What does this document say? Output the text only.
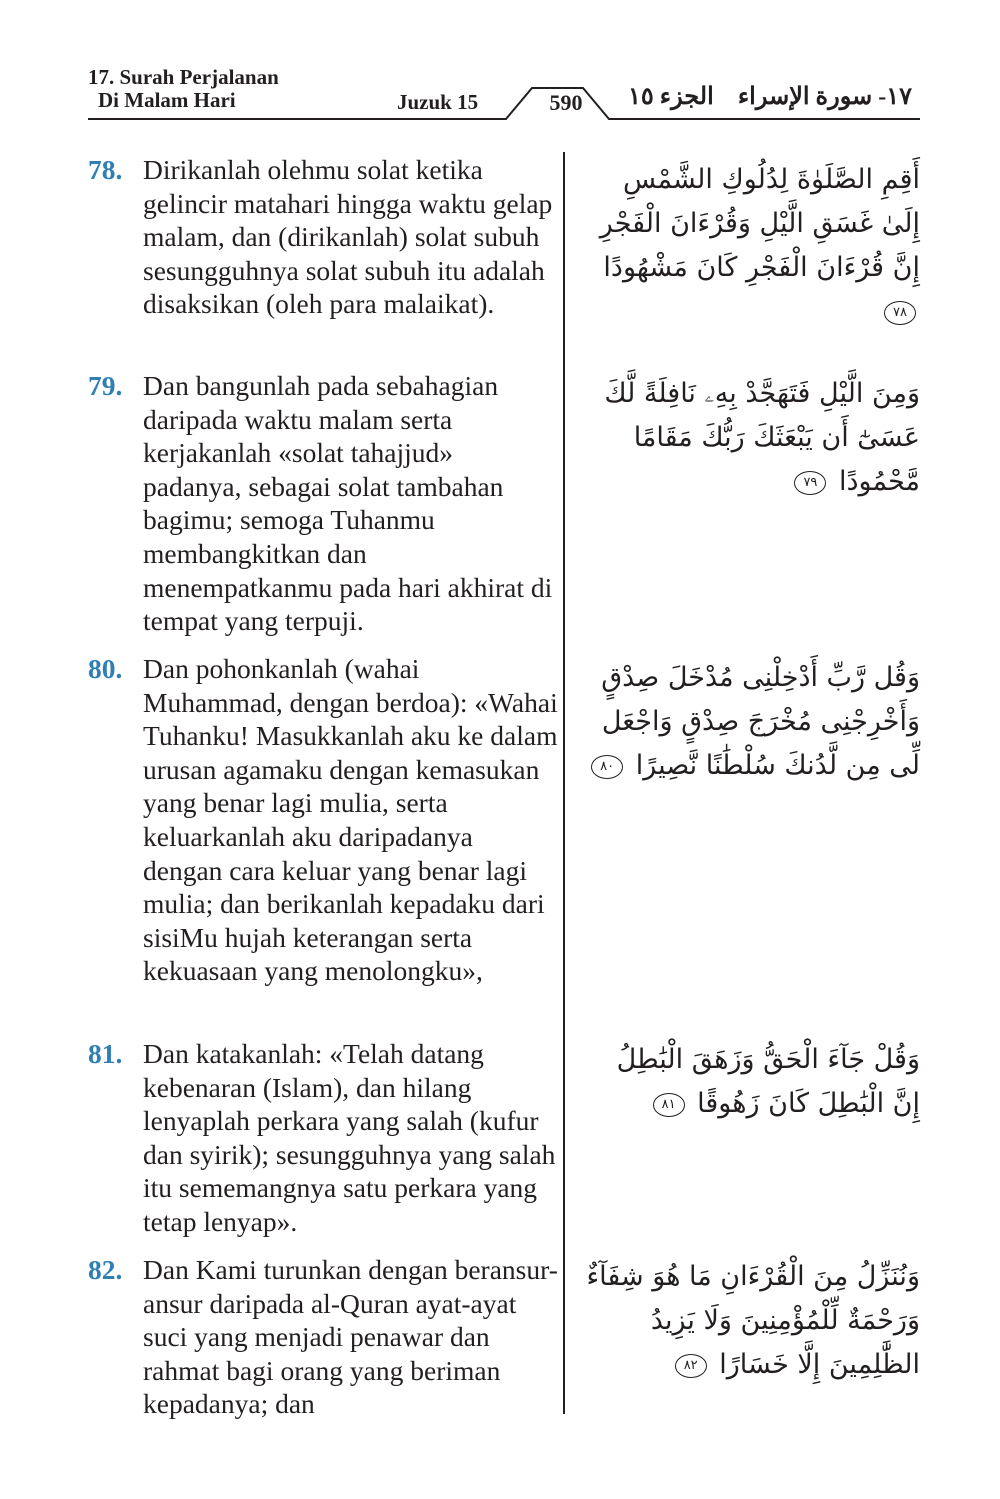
17. Surah Perjalanan
Di Malam Hari	Juzuk 15	590	الجزء ١٥	١٧- سورة الإسراء
78. Dirikanlah olehmu solat ketika gelincir matahari hingga waktu gelap malam, dan (dirikanlah) solat subuh sesungguhnya solat subuh itu adalah disaksikan (oleh para malaikat).
أَقِمِ الصَّلَوٰةَ لِدُلُوكِ الشَّمْسِ إِلَىٰ غَسَقِ الَّيْلِ وَقُرْءَانَ الْفَجْرِ إِنَّ قُرْءَانَ الْفَجْرِ كَانَ مَشْهُودًا ٧٨
79. Dan bangunlah pada sebahagian daripada waktu malam serta kerjakanlah «solat tahajjud» padanya, sebagai solat tambahan bagimu; semoga Tuhanmu membangkitkan dan menempatkanmu pada hari akhirat di tempat yang terpuji.
وَمِنَ الَّيْلِ فَتَهَجَّدْ بِهِۦ نَافِلَةً لَّكَ عَسَىٰٓ أَن يَبْعَثَكَ رَبُّكَ مَقَامًا مَّحْمُودًا ٧٩
80. Dan pohonkanlah (wahai Muhammad, dengan berdoa): «Wahai Tuhanku! Masukkanlah aku ke dalam urusan agamaku dengan kemasukan yang benar lagi mulia, serta keluarkanlah aku daripadanya dengan cara keluar yang benar lagi mulia; dan berikanlah kepadaku dari sisiMu hujah keterangan serta kekuasaan yang menolongku»,
وَقُل رَّبِّ أَدْخِلْنِى مُدْخَلَ صِدْقٍ وَأَخْرِجْنِى مُخْرَجَ صِدْقٍ وَاجْعَل لِّى مِن لَّدُنكَ سُلْطَٰنًا نَّصِيرًا ٨٠
81. Dan katakanlah: «Telah datang kebenaran (Islam), dan hilang lenyaplah perkara yang salah (kufur dan syirik); sesungguhnya yang salah itu sememangnya satu perkara yang tetap lenyap».
وَقُلْ جَآءَ الْحَقُّ وَزَهَقَ الْبَٰطِلُ إِنَّ الْبَٰطِلَ كَانَ زَهُوقًا ٨١
82. Dan Kami turunkan dengan beransur-ansur daripada al-Quran ayat-ayat suci yang menjadi penawar dan rahmat bagi orang yang beriman kepadanya; dan
وَنُنَزِّلُ مِنَ الْقُرْءَانِ مَا هُوَ شِفَآءٌ وَرَحْمَةٌ لِّلْمُؤْمِنِينَ وَلَا يَزِيدُ الظَّٰلِمِينَ إِلَّا خَسَارًا ٨٢
